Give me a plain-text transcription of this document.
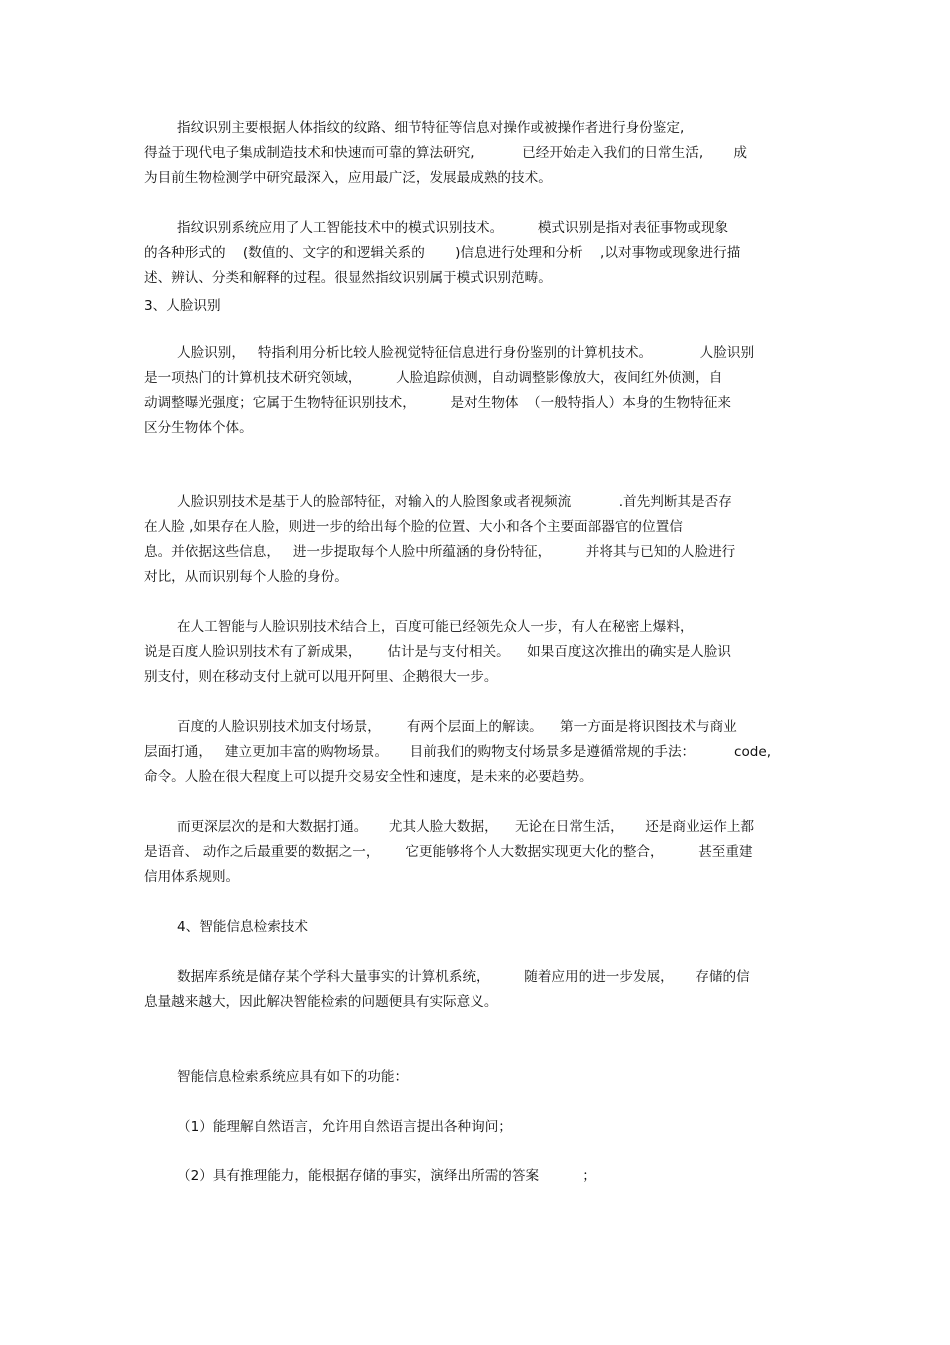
指纹识别主要根据人体指纹的纹路、细节特征等信息对操作或被操作者进行身份鉴定,
得益于现代电子集成制造技术和快速而可靠的算法研究,           已经开始走入我们的日常生活,       成
为目前生物检测学中研究最深入，应用最广泛，发展最成熟的技术。
指纹识别系统应用了人工智能技术中的模式识别技术。        模式识别是指对表征事物或现象
的各种形式的    (数值的、文字的和逻辑关系的       )信息进行处理和分析    ,以对事物或现象进行描
述、辨认、分类和解释的过程。很显然指纹识别属于模式识别范畴。
3、人脸识别
人脸识别，   特指利用分析比较人脸视觉特征信息进行身份鉴别的计算机技术。           人脸识别
是一项热门的计算机技术研究领域，        人脸追踪侦测，自动调整影像放大，夜间红外侦测，自
动调整曝光强度；它属于生物特征识别技术，        是对生物体  （一般特指人）本身的生物特征来
区分生物体个体。
人脸识别技术是基于人的脸部特征，对输入的人脸图象或者视频流           .首先判断其是否存
在人脸 ,如果存在人脸，则进一步的给出每个脸的位置、大小和各个主要面部器官的位置信
息。并依据这些信息，   进一步提取每个人脸中所蕴涵的身份特征，        并将其与已知的人脸进行
对比，从而识别每个人脸的身份。
在人工智能与人脸识别技术结合上，百度可能已经领先众人一步，有人在秘密上爆料，
说是百度人脸识别技术有了新成果，      估计是与支付相关。    如果百度这次推出的确实是人脸识
别支付，则在移动支付上就可以甩开阿里、企鹅很大一步。
百度的人脸识别技术加支付场景，      有两个层面上的解读。    第一方面是将识图技术与商业
层面打通，   建立更加丰富的购物场景。     目前我们的购物支付场景多是遵循常规的手法：         code,
命令。人脸在很大程度上可以提升交易安全性和速度，是未来的必要趋势。
而更深层次的是和大数据打通。     尤其人脸大数据，    无论在日常生活，     还是商业运作上都
是语音、 动作之后最重要的数据之一，      它更能够将个人大数据实现更大化的整合，        甚至重建
信用体系规则。
4、智能信息检索技术
数据库系统是储存某个学科大量事实的计算机系统，        随着应用的进一步发展，     存储的信
息量越来越大，因此解决智能检索的问题便具有实际意义。
智能信息检索系统应具有如下的功能：
（1）能理解自然语言，允许用自然语言提出各种询问；
（2）具有推理能力，能根据存储的事实，演绎出所需的答案          ；
